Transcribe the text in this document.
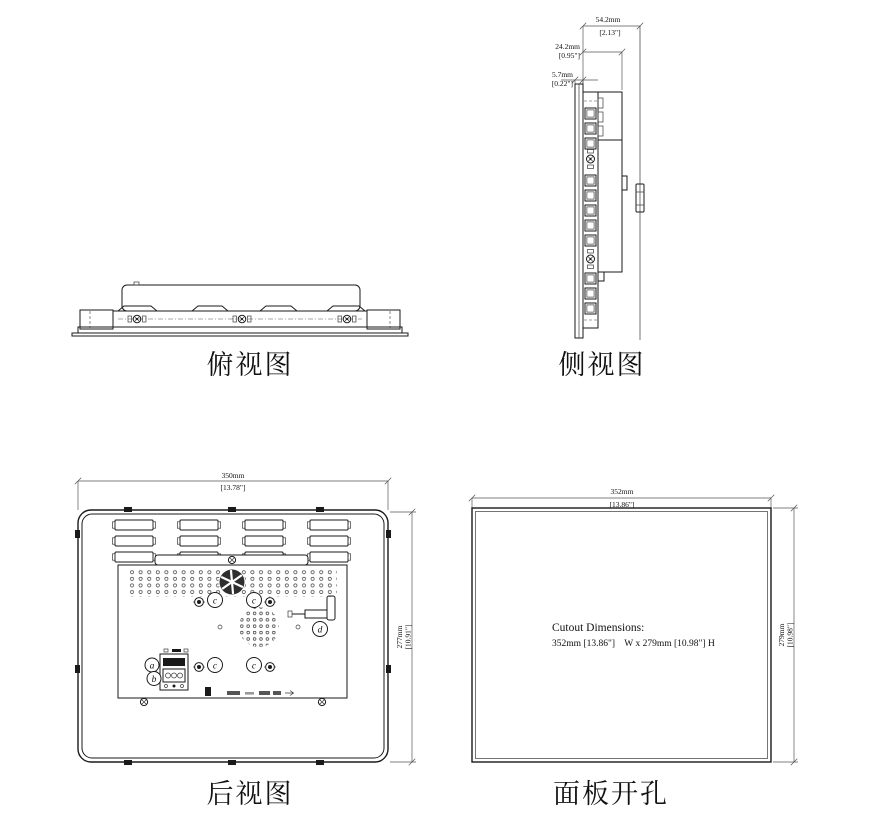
俯视图
54.2mm
[2.13"]
24.2mm
[0.95"]
5.7mm
[0.22"]
侧视图
350mm
[13.78"]
277mm [10.91"]
c	c
c	c
d
a
b
后视图
352mm
[13.86"]
279mm [10.98"]
Cutout Dimensions:
352mm [13.86"]    W x 279mm [10.98"] H
面板开孔
